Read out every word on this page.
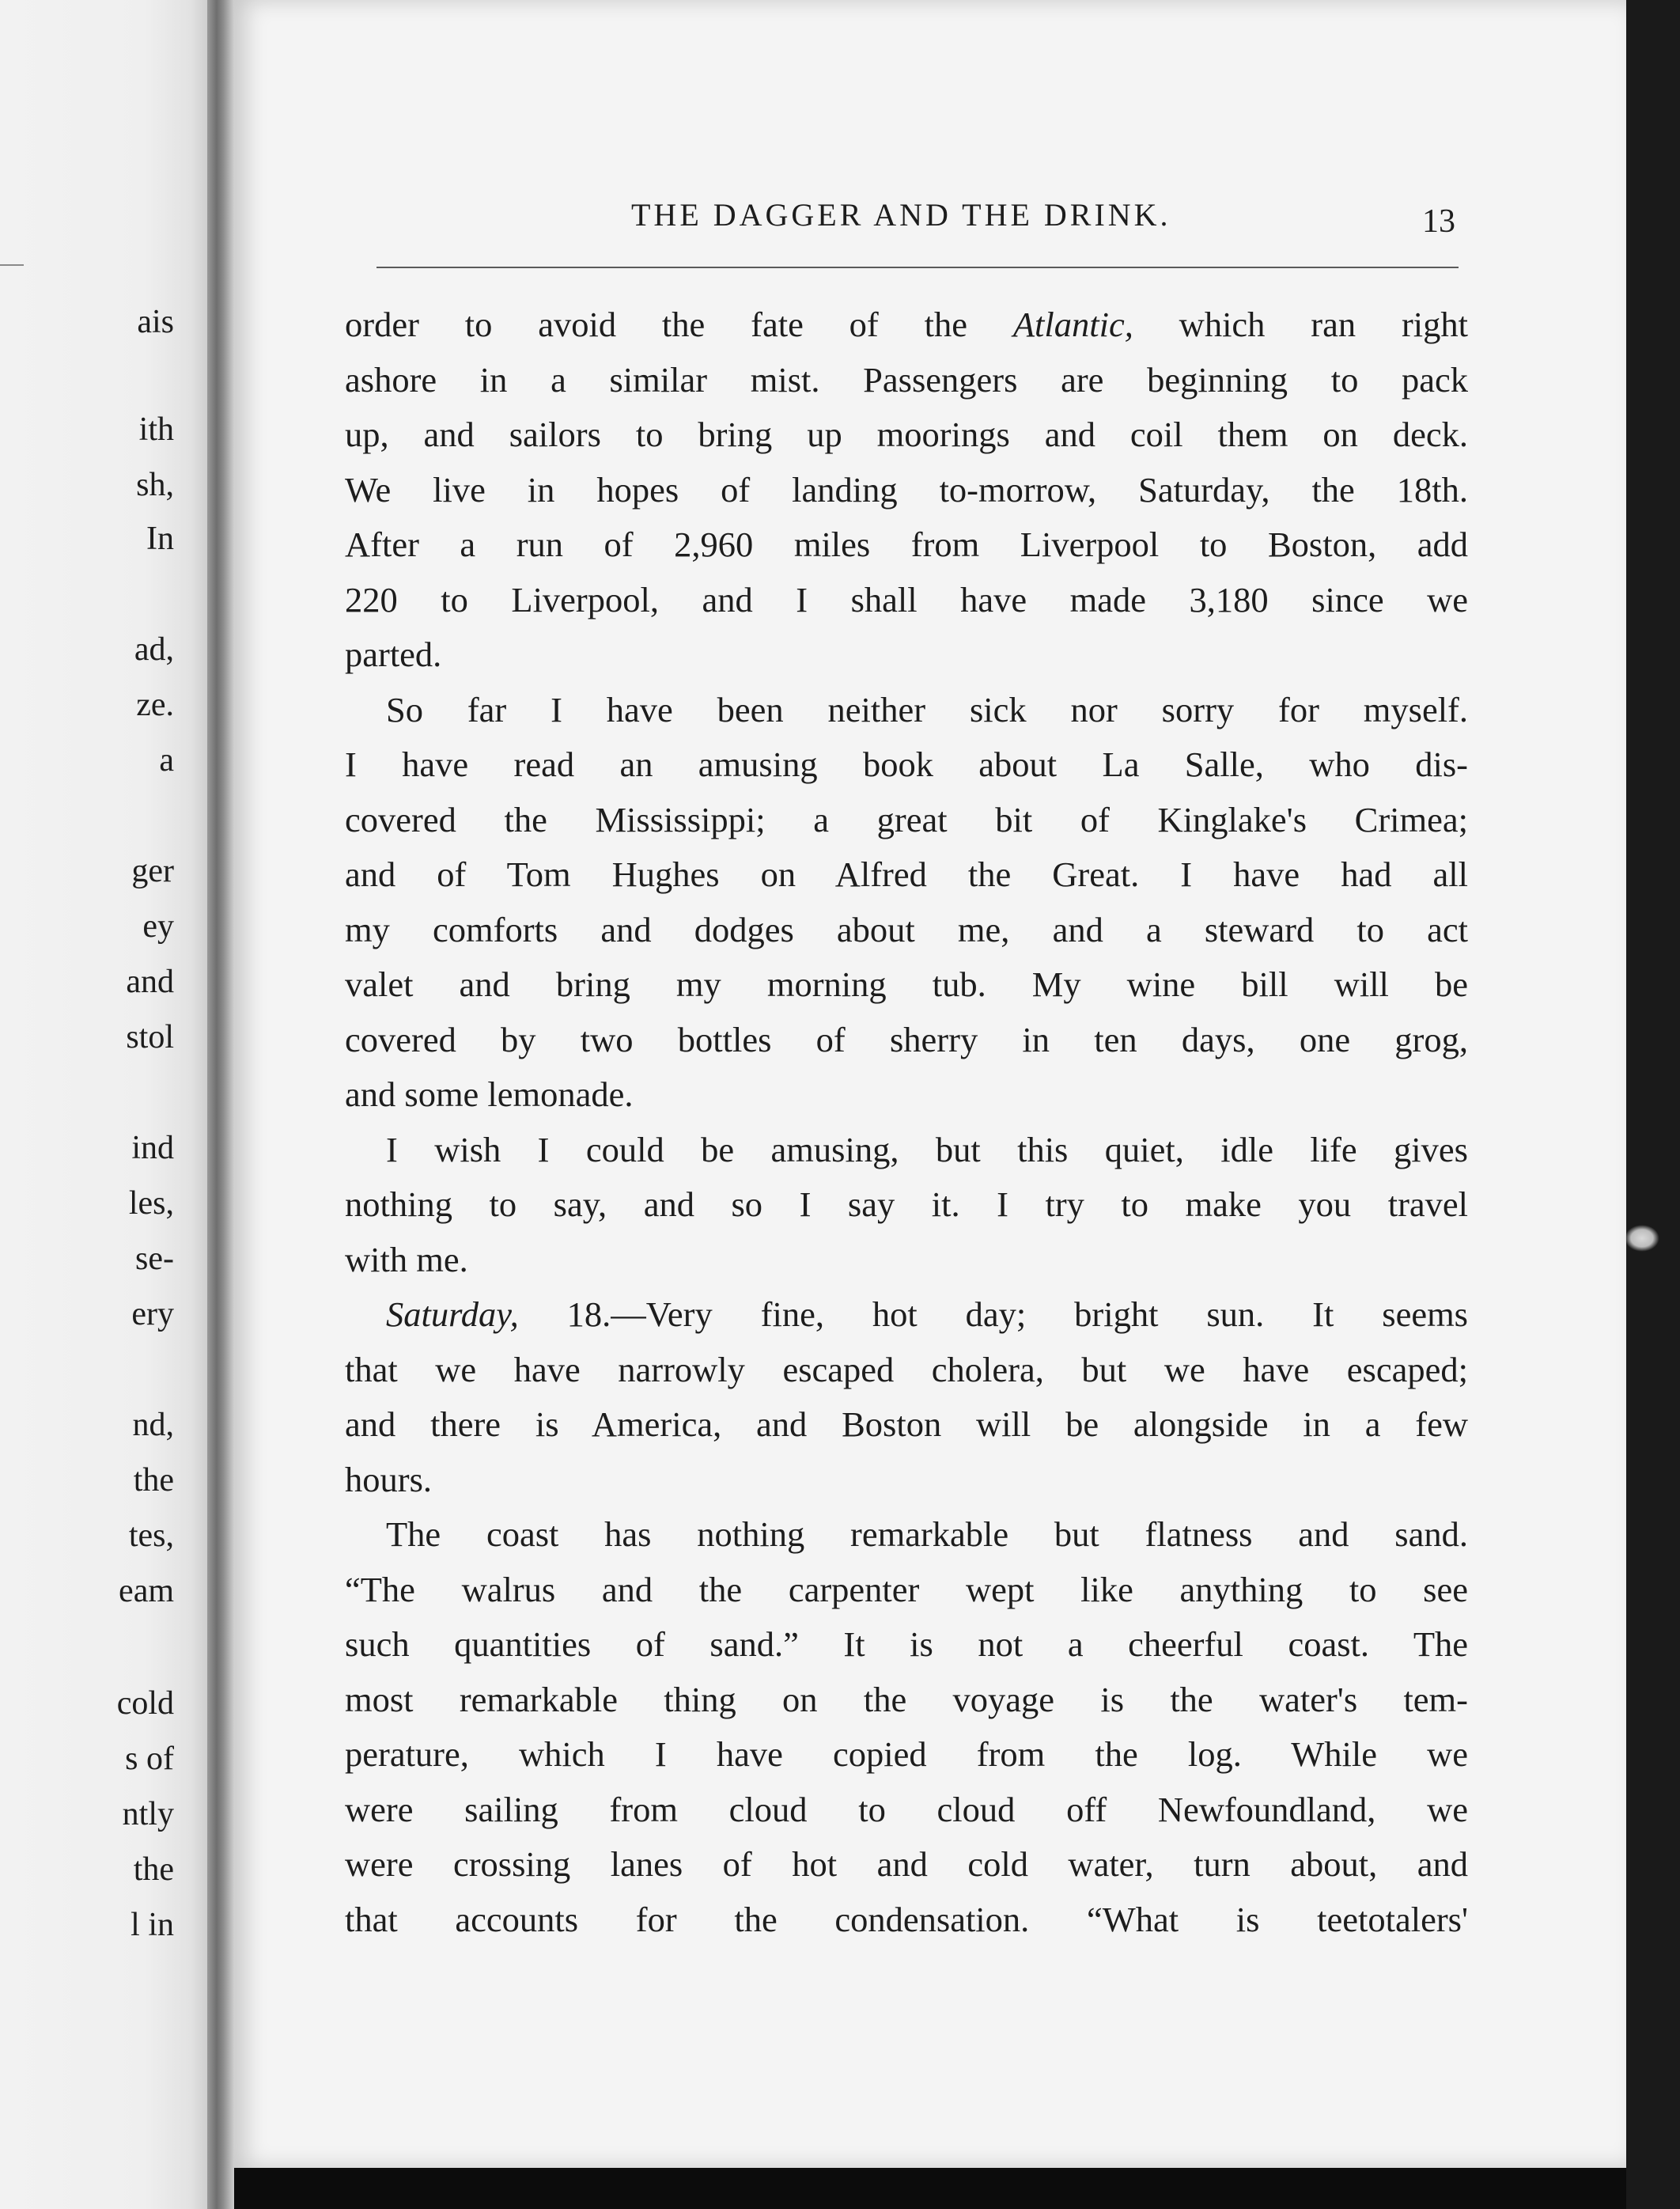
ais

ith

sh,

In

ad,

ze.

a

ger

ey

and

stol

ind

les,

se-

ery

nd,

the

tes,

eam

cold

s of

ntly

the

l in

THE DAGGER AND THE DRINK.	13

order to avoid the fate of the Atlantic, which ran right
ashore in a similar mist. Passengers are beginning to pack
up, and sailors to bring up moorings and coil them on deck.
We live in hopes of landing to-morrow, Saturday, the 18th.
After a run of 2,960 miles from Liverpool to Boston, add
220 to Liverpool, and I shall have made 3,180 since we
parted.
So far I have been neither sick nor sorry for myself.
I have read an amusing book about La Salle, who dis-
covered the Mississippi; a great bit of Kinglake's Crimea;
and of Tom Hughes on Alfred the Great. I have had all
my comforts and dodges about me, and a steward to act
valet and bring my morning tub. My wine bill will be
covered by two bottles of sherry in ten days, one grog,
and some lemonade.
I wish I could be amusing, but this quiet, idle life gives
nothing to say, and so I say it. I try to make you travel
with me.
Saturday, 18.—Very fine, hot day; bright sun. It seems
that we have narrowly escaped cholera, but we have escaped;
and there is America, and Boston will be alongside in a few
hours.
The coast has nothing remarkable but flatness and sand.
“The walrus and the carpenter wept like anything to see
such quantities of sand.” It is not a cheerful coast. The
most remarkable thing on the voyage is the water's tem-
perature, which I have copied from the log. While we
were sailing from cloud to cloud off Newfoundland, we
were crossing lanes of hot and cold water, turn about, and
that accounts for the condensation. “What is teetotalers'
